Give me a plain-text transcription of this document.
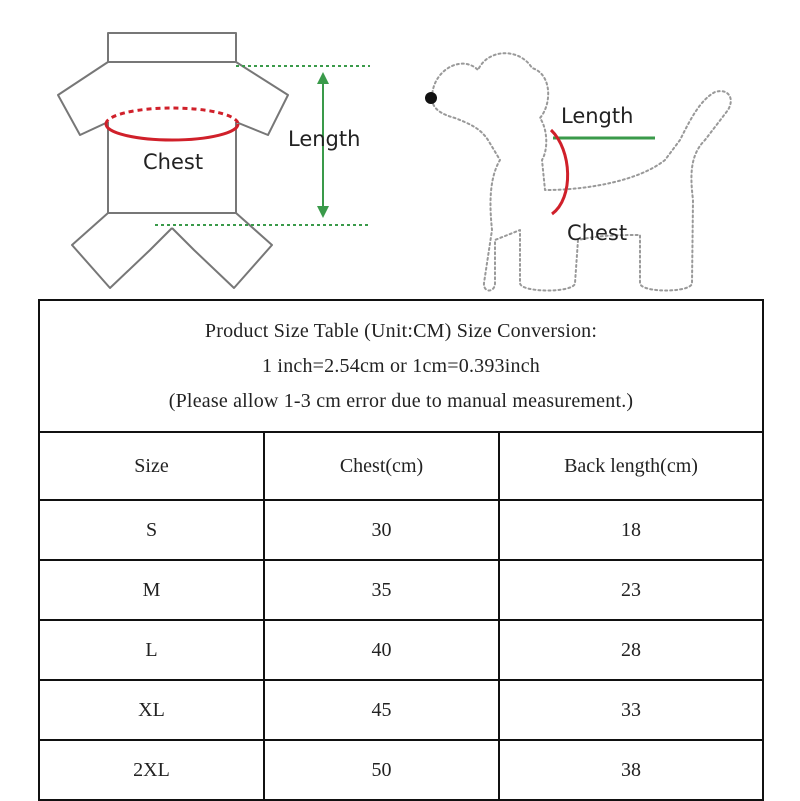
Chest
Length
Length
Chest
Product Size Table (Unit:CM) Size Conversion:
1 inch=2.54cm or 1cm=0.393inch
(Please allow 1-3 cm error due to manual measurement.)		

Size	Chest(cm)	Back length(cm)
S	30	18
M	35	23
L	40	28
XL	45	33
2XL	50	38
